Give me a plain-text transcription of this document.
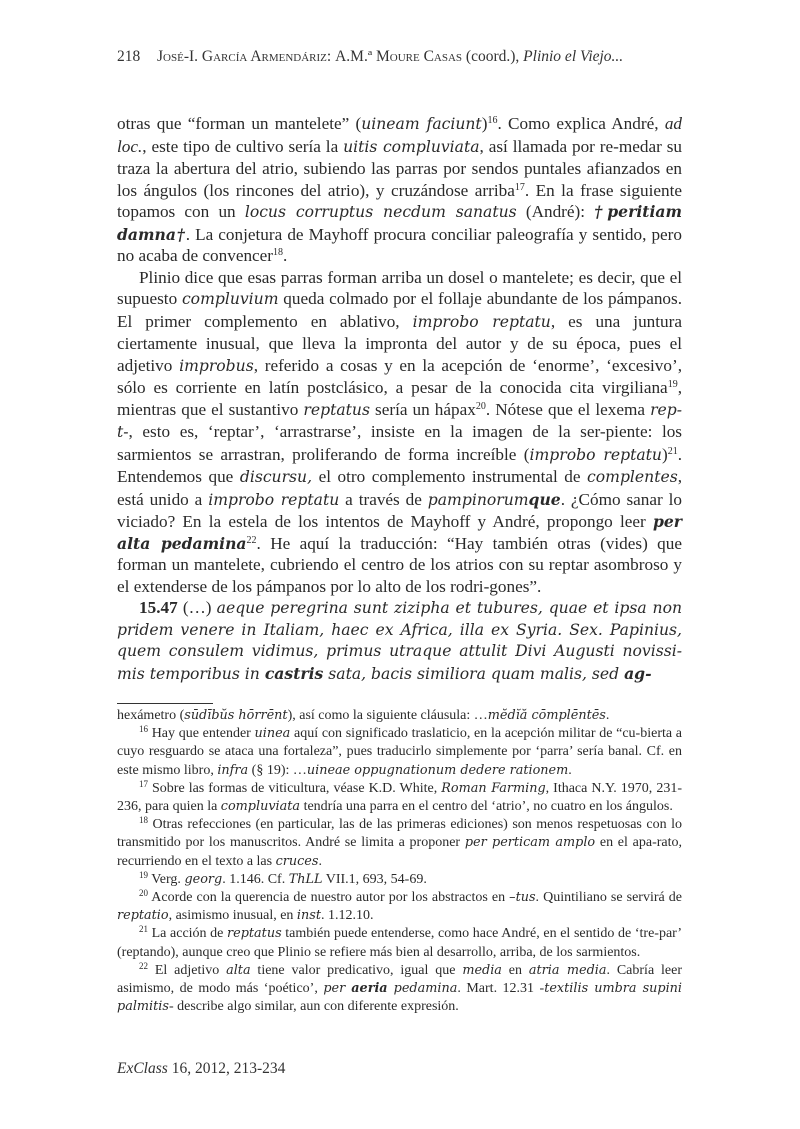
218 José-I. García Armendáriz: A.M.ª Moure Casas (coord.), Plinio el Viejo...

otras que “forman un mantelete” (uineam faciunt)$^{16}$. Como explica André, ad loc., este tipo de cultivo sería la uitis compluviata, así llamada por re-medar su traza la abertura del atrio, subiendo las parras por sendos puntales afianzados en los ángulos (los rincones del atrio), y cruzándose arriba$^{17}$. En la frase siguiente topamos con un locus corruptus necdum sanatus (André): †peritiam damna†. La conjetura de Mayhoff procura conciliar paleografía y sentido, pero no acaba de convencer$^{18}$.

Plinio dice que esas parras forman arriba un dosel o mantelete; es decir, que el supuesto compluvium queda colmado por el follaje abundante de los pámpanos. El primer complemento en ablativo, improbo reptatu, es una juntura ciertamente inusual, que lleva la impronta del autor y de su época, pues el adjetivo improbus, referido a cosas y en la acepción de ‘enorme’, ‘excesivo’, sólo es corriente en latín postclásico, a pesar de la conocida cita virgiliana$^{19}$, mientras que el sustantivo reptatus sería un hápax$^{20}$. Nótese que el lexema rep-t-, esto es, ‘reptar’, ‘arrastrarse’, insiste en la imagen de la ser-piente: los sarmientos se arrastran, proliferando de forma increíble (improbo reptatu)$^{21}$. Entendemos que discursu, el otro complemento instrumental de complentes, está unido a improbo reptatu a través de pampinorumque. ¿Cómo sanar lo viciado? En la estela de los intentos de Mayhoff y André, propongo leer per alta pedamina$^{22}$. He aquí la traducción: “Hay también otras (vides) que forman un mantelete, cubriendo el centro de los atrios con su reptar asombroso y el extenderse de los pámpanos por lo alto de los rodri-gones”.

15.47 (…) aeque peregrina sunt zizipha et tubures, quae et ipsa non pridem venere in Italiam, haec ex Africa, illa ex Syria. Sex. Papinius, quem consulem vidimus, primus utraque attulit Divi Augusti novissi-mis temporibus in castris sata, bacis similiora quam malis, sed ag-

hexámetro (sūdībŭs hōrrēnt), así como la siguiente cláusula: …mĕdĭă cōmplēntēs.

$^{16}$ Hay que entender uinea aquí con significado traslaticio, en la acepción militar de “cu-bierta a cuyo resguardo se ataca una fortaleza”, pues traducirlo simplemente por ‘parra’ sería banal. Cf. en este mismo libro, infra (§ 19): …uineae oppugnationum dedere rationem.

$^{17}$ Sobre las formas de viticultura, véase K.D. White, Roman Farming, Ithaca N.Y. 1970, 231-236, para quien la compluviata tendría una parra en el centro del ‘atrio’, no cuatro en los ángulos.

$^{18}$ Otras refecciones (en particular, las de las primeras ediciones) son menos respetuosas con lo transmitido por los manuscritos. André se limita a proponer per perticam amplo en el apa-rato, recurriendo en el texto a las cruces.

$^{19}$ Verg. georg. 1.146. Cf. ThLL VII.1, 693, 54-69.

$^{20}$ Acorde con la querencia de nuestro autor por los abstractos en –tus. Quintiliano se servirá de reptatio, asimismo inusual, en inst. 1.12.10.

$^{21}$ La acción de reptatus también puede entenderse, como hace André, en el sentido de ‘tre-par’ (reptando), aunque creo que Plinio se refiere más bien al desarrollo, arriba, de los sarmientos.

$^{22}$ El adjetivo alta tiene valor predicativo, igual que media en atria media. Cabría leer asimismo, de modo más ‘poético’, per aeria pedamina. Mart. 12.31 -textilis umbra supini palmitis- describe algo similar, aun con diferente expresión.

ExClass 16, 2012, 213-234
